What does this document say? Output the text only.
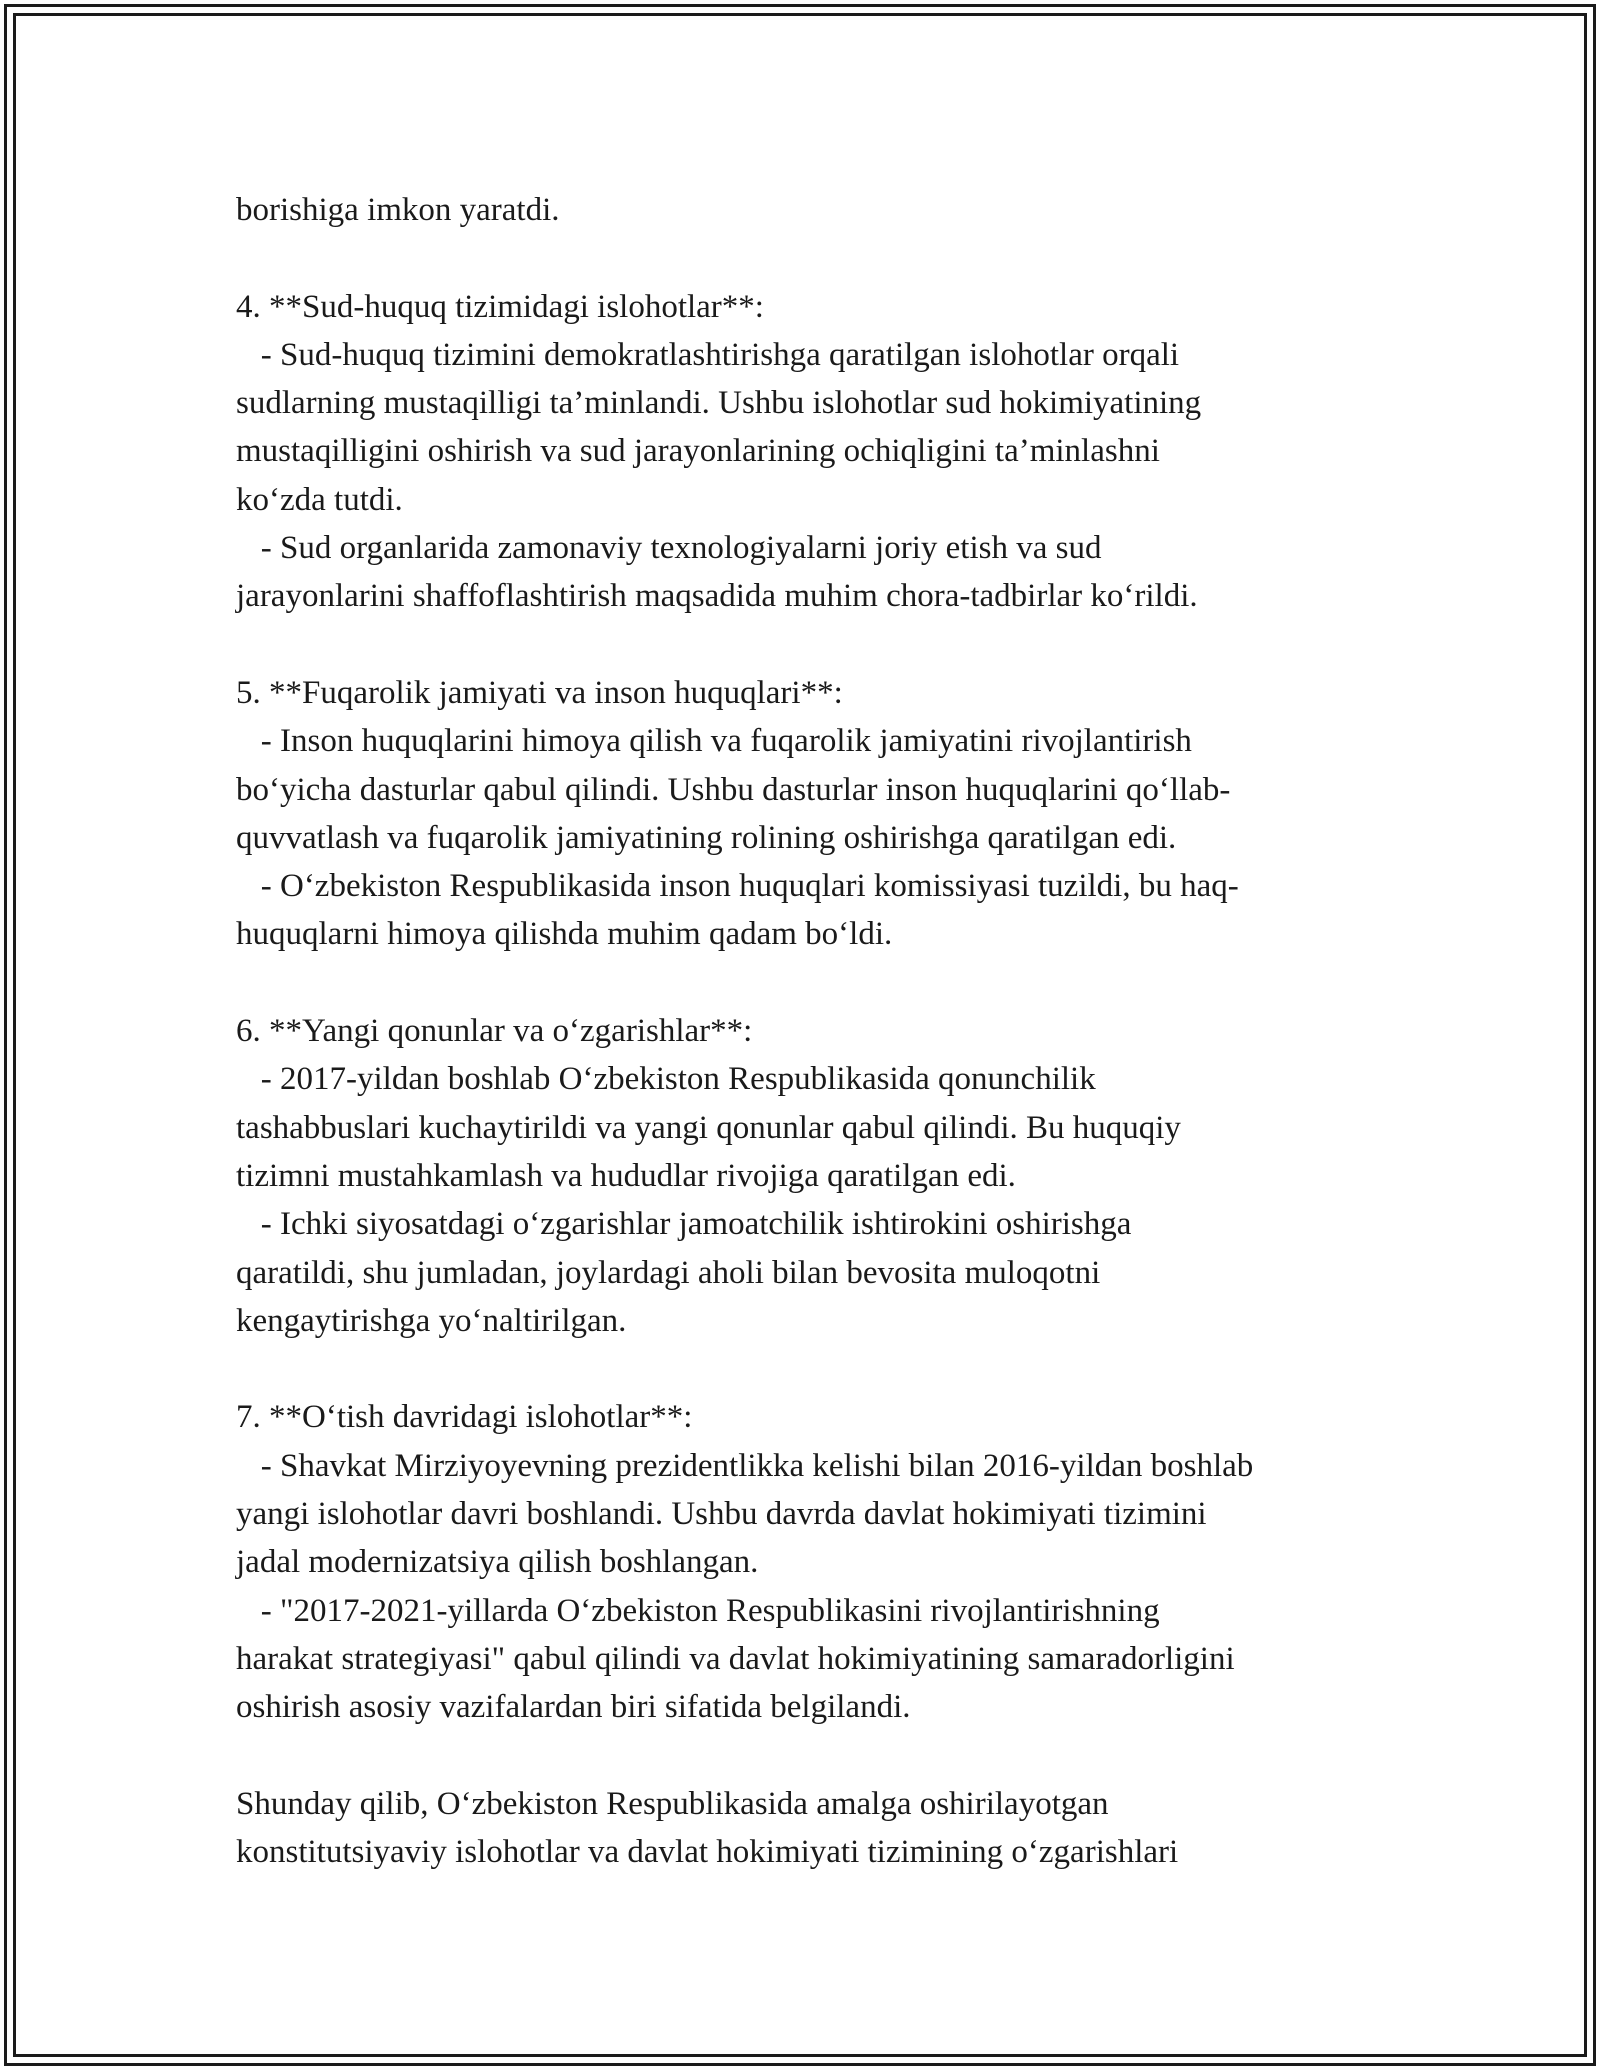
borishiga imkon yaratdi.
4. **Sud-huquq tizimidagi islohotlar**:
- Sud-huquq tizimini demokratlashtirishga qaratilgan islohotlar orqali
sudlarning mustaqilligi ta’minlandi. Ushbu islohotlar sud hokimiyatining
mustaqilligini oshirish va sud jarayonlarining ochiqligini ta’minlashni
ko‘zda tutdi.
- Sud organlarida zamonaviy texnologiyalarni joriy etish va sud
jarayonlarini shaffoflashtirish maqsadida muhim chora-tadbirlar ko‘rildi.
5. **Fuqarolik jamiyati va inson huquqlari**:
- Inson huquqlarini himoya qilish va fuqarolik jamiyatini rivojlantirish
bo‘yicha dasturlar qabul qilindi. Ushbu dasturlar inson huquqlarini qo‘llab-
quvvatlash va fuqarolik jamiyatining rolining oshirishga qaratilgan edi.
- O‘zbekiston Respublikasida inson huquqlari komissiyasi tuzildi, bu haq-
huquqlarni himoya qilishda muhim qadam bo‘ldi.
6. **Yangi qonunlar va o‘zgarishlar**:
- 2017-yildan boshlab O‘zbekiston Respublikasida qonunchilik
tashabbuslari kuchaytirildi va yangi qonunlar qabul qilindi. Bu huquqiy
tizimni mustahkamlash va hududlar rivojiga qaratilgan edi.
- Ichki siyosatdagi o‘zgarishlar jamoatchilik ishtirokini oshirishga
qaratildi, shu jumladan, joylardagi aholi bilan bevosita muloqotni
kengaytirishga yo‘naltirilgan.
7. **O‘tish davridagi islohotlar**:
- Shavkat Mirziyoyevning prezidentlikka kelishi bilan 2016-yildan boshlab
yangi islohotlar davri boshlandi. Ushbu davrda davlat hokimiyati tizimini
jadal modernizatsiya qilish boshlangan.
- "2017-2021-yillarda O‘zbekiston Respublikasini rivojlantirishning
harakat strategiyasi" qabul qilindi va davlat hokimiyatining samaradorligini
oshirish asosiy vazifalardan biri sifatida belgilandi.
Shunday qilib, O‘zbekiston Respublikasida amalga oshirilayotgan
konstitutsiyaviy islohotlar va davlat hokimiyati tizimining o‘zgarishlari
